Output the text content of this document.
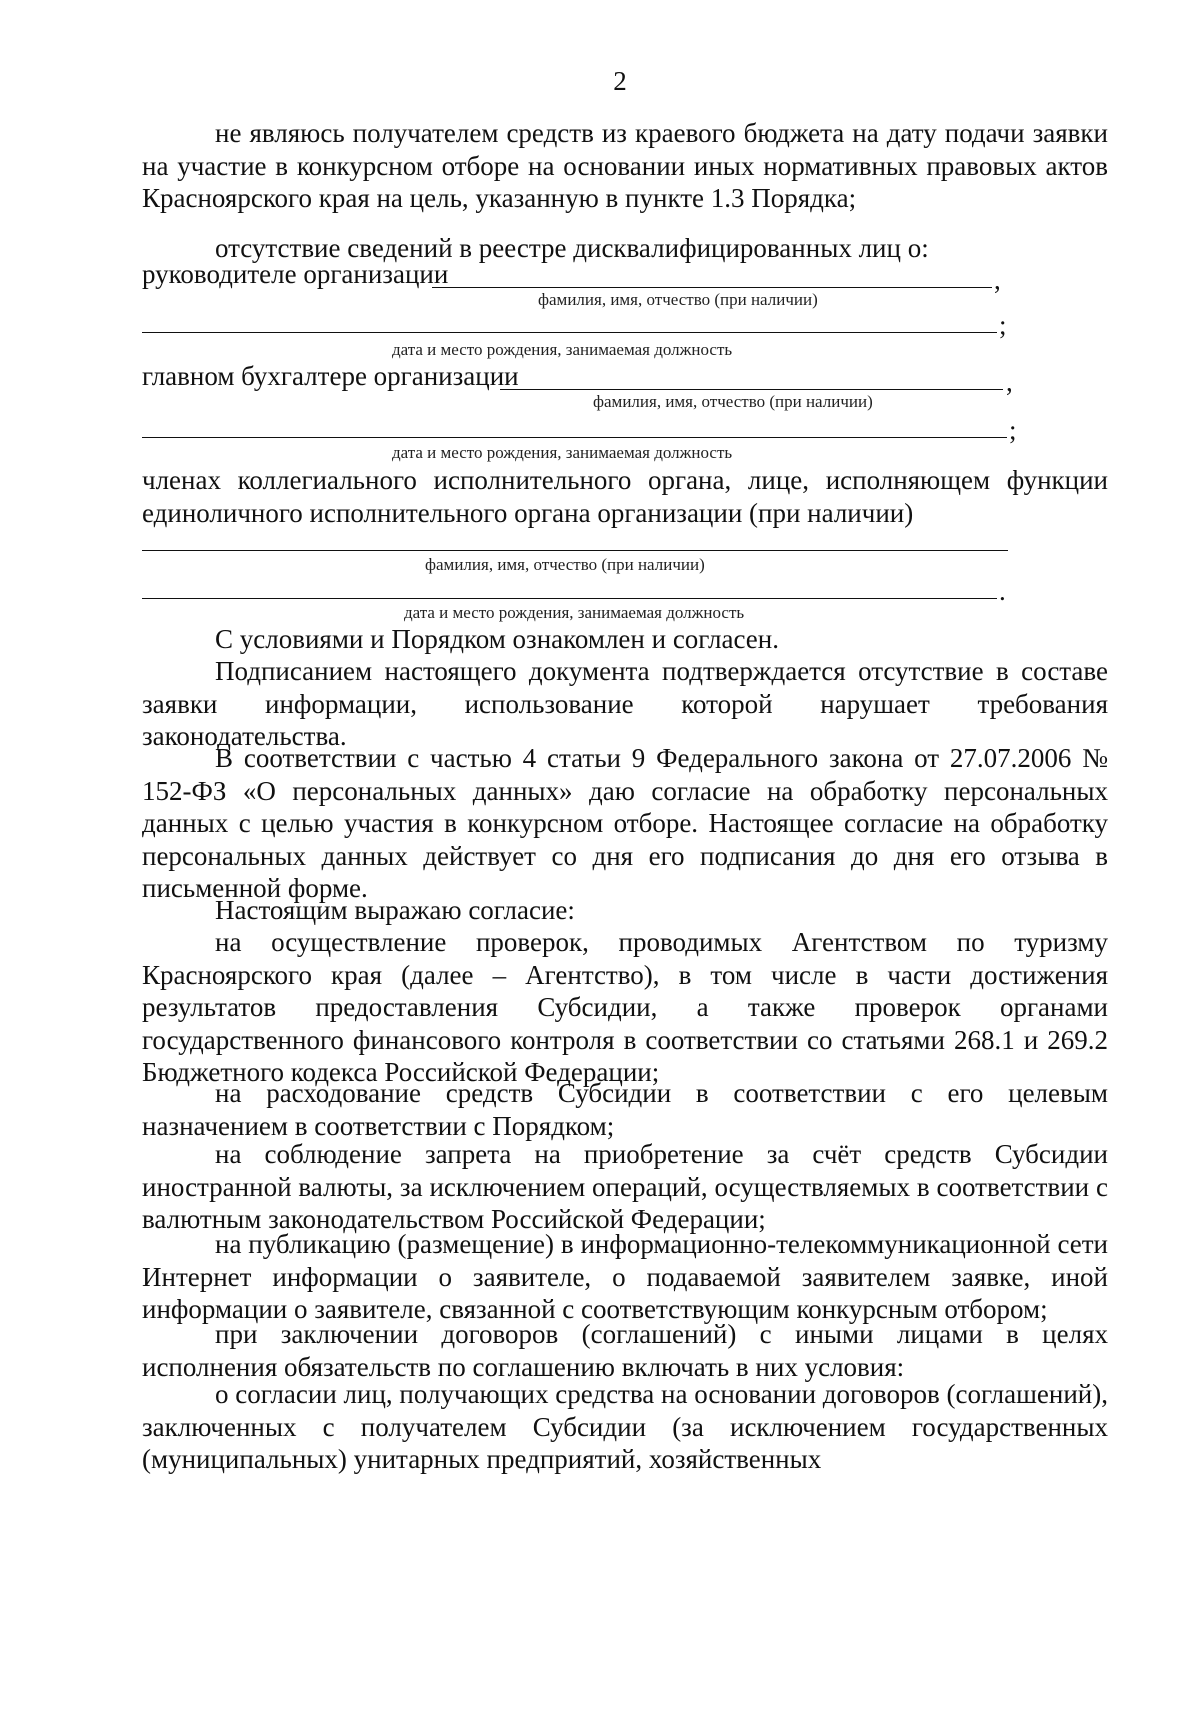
2
не являюсь получателем средств из краевого бюджета на дату подачи заявки на участие в конкурсном отборе на основании иных нормативных правовых актов Красноярского края на цель, указанную в пункте 1.3 Порядка;
отсутствие сведений в реестре дисквалифицированных лиц о:
руководителе организации	,
фамилия, имя, отчество (при наличии)
;
дата и место рождения, занимаемая должность
главном бухгалтере организации	,
фамилия, имя, отчество (при наличии)
;
дата и место рождения, занимаемая должность
членах коллегиального исполнительного органа, лице, исполняющем функции единоличного исполнительного органа организации (при наличии)
фамилия, имя, отчество (при наличии)
.
дата и место рождения, занимаемая должность
С условиями и Порядком ознакомлен и согласен.
Подписанием настоящего документа подтверждается отсутствие в составе заявки информации, использование которой нарушает требования законодательства.
В соответствии с частью 4 статьи 9 Федерального закона от 27.07.2006 № 152-ФЗ «О персональных данных» даю согласие на обработку персональных данных с целью участия в конкурсном отборе. Настоящее согласие на обработку персональных данных действует со дня его подписания до дня его отзыва в письменной форме.
Настоящим выражаю согласие:
на осуществление проверок, проводимых Агентством по туризму Красноярского края (далее – Агентство), в том числе в части достижения результатов предоставления Субсидии, а также проверок органами государственного финансового контроля в соответствии со статьями 268.1 и 269.2 Бюджетного кодекса Российской Федерации;
на расходование средств Субсидии в соответствии с его целевым назначением в соответствии с Порядком;
на соблюдение запрета на приобретение за счёт средств Субсидии иностранной валюты, за исключением операций, осуществляемых в соответствии с валютным законодательством Российской Федерации;
на публикацию (размещение) в информационно-телекоммуникационной сети Интернет информации о заявителе, о подаваемой заявителем заявке, иной информации о заявителе, связанной с соответствующим конкурсным отбором;
при заключении договоров (соглашений) с иными лицами в целях исполнения обязательств по соглашению включать в них условия:
о согласии лиц, получающих средства на основании договоров (соглашений), заключенных с получателем Субсидии (за исключением государственных (муниципальных) унитарных предприятий, хозяйственных
